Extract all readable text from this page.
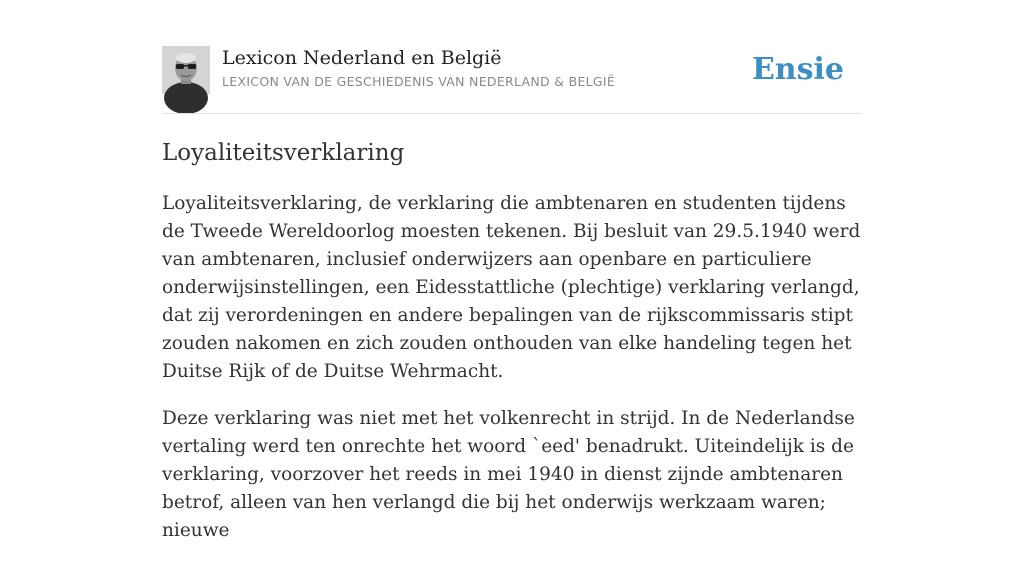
Lexicon Nederland en België
LEXICON VAN DE GESCHIEDENIS VAN NEDERLAND & BELGIË	Ensie
Loyaliteitsverklaring

Loyaliteitsverklaring, de verklaring die ambtenaren en studenten tijdens de Tweede Wereldoorlog moesten tekenen. Bij besluit van 29.5.1940 werd van ambtenaren, inclusief onderwijzers aan openbare en particuliere onderwijsinstellingen, een Eidesstattliche (plechtige) verklaring verlangd, dat zij verordeningen en andere bepalingen van de rijkscommissaris stipt zouden nakomen en zich zouden onthouden van elke handeling tegen het Duitse Rijk of de Duitse Wehrmacht.

Deze verklaring was niet met het volkenrecht in strijd. In de Nederlandse vertaling werd ten onrechte het woord `eed' benadrukt. Uiteindelijk is de verklaring, voorzover het reeds in mei 1940 in dienst zijnde ambtenaren betrof, alleen van hen verlangd die bij het onderwijs werkzaam waren; nieuwe
